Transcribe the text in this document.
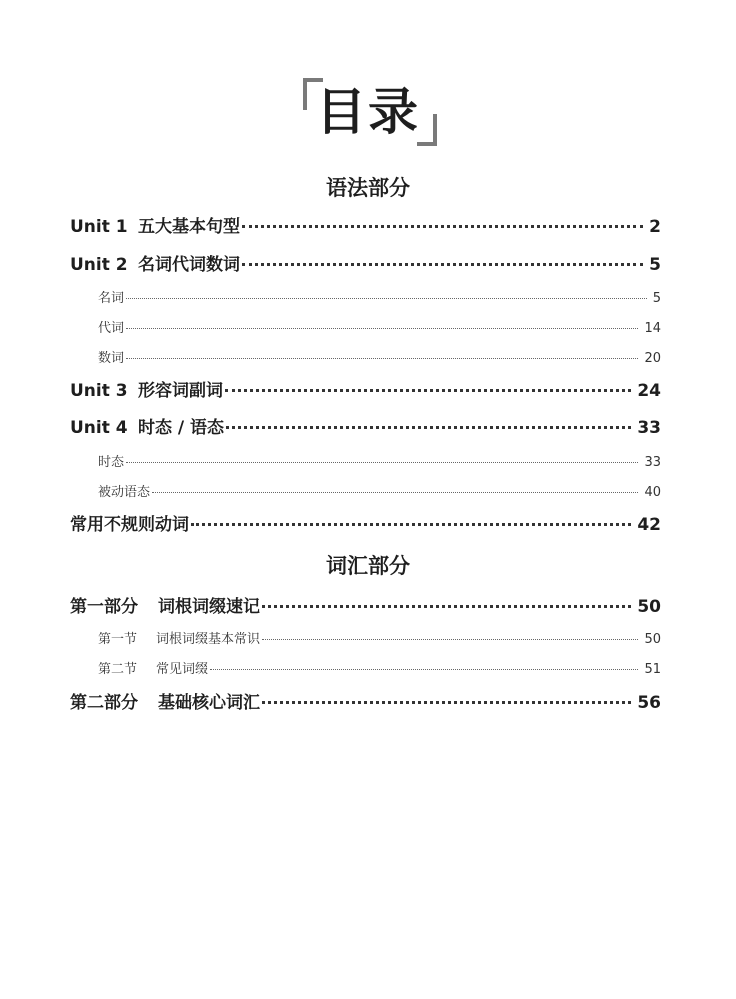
目录
语法部分
Unit 1 五大基本句型	2
Unit 2 名词代词数词	5
名词	5
代词	14
数词	20
Unit 3 形容词副词	24
Unit 4 时态 / 语态	33
时态	33
被动语态	40
常用不规则动词	42
词汇部分
第一部分	词根词缀速记	50
第一节	词根词缀基本常识	50
第二节	常见词缀	51
第二部分	基础核心词汇	56
